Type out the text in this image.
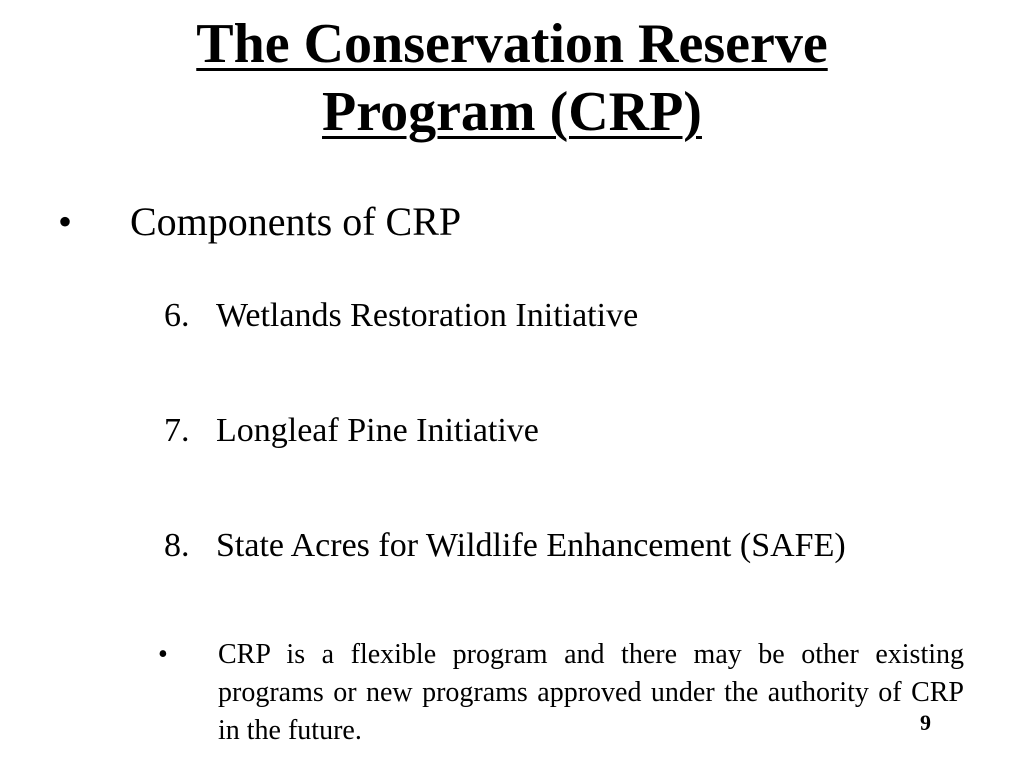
The Conservation Reserve
Program (CRP)
•	Components of CRP
6. Wetlands Restoration Initiative
7. Longleaf Pine Initiative
8. State Acres for Wildlife Enhancement (SAFE)
•	CRP is a flexible program and there may be other existing programs or new programs approved under the authority of CRP in the future.	9
